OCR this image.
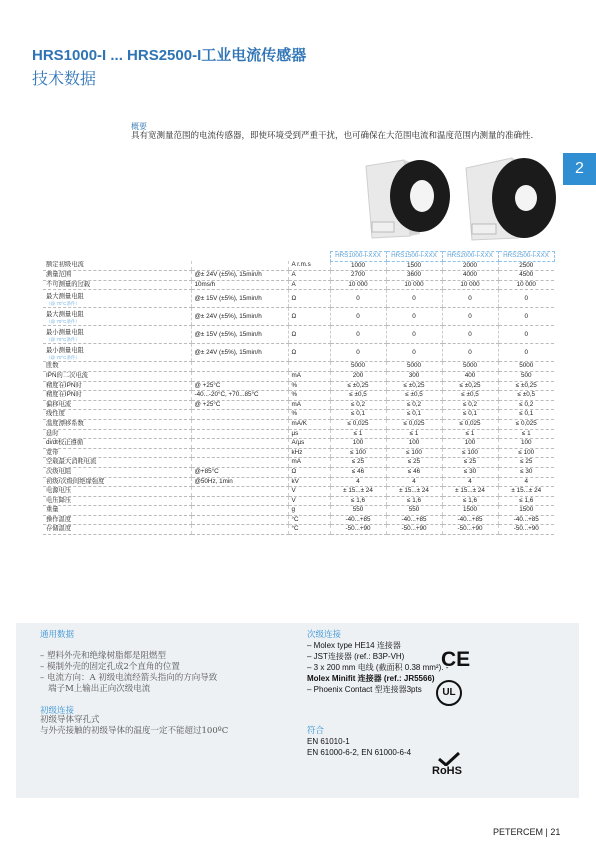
HRS1000-I ... HRS2500-I工业电流传感器
技术数据
概要
具有宽测量范围的电流传感器，即使环境受到严重干扰，也可确保在大范围电流和温度范围内测量的准确性.
2
			HRS1000-I-XXX	HRS1500-I-XXX	HRS2000-I-XXX	HRS2500-I-XXX
额定初级电流		A r.m.s	1000	1500	2000	2500
测量范围	@± 24V (±5%), 15min/h	A	2700	3600	4000	4500
不可测量的过载	10ms/h	A	10 000	10 000	10 000	10 000
最大测量电阻
（@ 70°C条件）	@± 15V (±5%), 15min/h	Ω	0	0	0	0
最大测量电阻
（@ 70°C条件）	@± 24V (±5%), 15min/h	Ω	0	0	0	0
最小测量电阻
（@ 70°C条件）	@± 15V (±5%), 15min/h	Ω	0	0	0	0
最小测量电阻
（@ 70°C条件）	@± 24V (±5%), 15min/h	Ω	0	0	0	0
匝数			5000	5000	5000	5000
IPN的二次电流		mA	200	300	400	500
精度在IPN时	@ +25°C	%	≤ ±0,25	≤ ±0,25	≤ ±0,25	≤ ±0,25
精度在IPN时	-40...-20°C, +70...85°C	%	≤ ±0,5	≤ ±0,5	≤ ±0,5	≤ ±0,5
偏移电流	@ +25°C	mA	≤ 0,2	≤ 0,2	≤ 0,2	≤ 0,2
线性度		%	≤ 0,1	≤ 0,1	≤ 0,1	≤ 0,1
温度漂移系数		mA/K	≤ 0,025	≤ 0,025	≤ 0,025	≤ 0,025
延时		µs	≤ 1	≤ 1	≤ 1	≤ 1
di/dt校正遵循		A/µs	100	100	100	100
宽带		kHz	≤ 100	≤ 100	≤ 100	≤ 100
空载最大消耗电流		mA	≤ 25	≤ 25	≤ 25	≤ 25
次级电阻	@+85°C	Ω	≤ 46	≤ 46	≤ 30	≤ 30
初级/次级间绝缘强度	@50Hz, 1min	kV	4	4	4	4
电源电压		V	± 15...± 24	± 15...± 24	± 15...± 24	± 15...± 24
电压降压		V	≤ 1,6	≤ 1,6	≤ 1,6	≤ 1,6
重量		g	550	550	1500	1500
操作温度		°C	-40...+85	-40...+85	-40...+85	-40...+85
存储温度		°C	-50...+90	-50...+90	-50...+90	-50...+90
通用数据
– 塑料外壳和绝缘树脂都是阻燃型
– 模制外壳的固定孔成2个直角的位置
– 电流方向：A 初级电流经箭头指向的方向导致
端子M上输出正向次级电流
初级连接
初级导体穿孔式
与外壳接触的初级导体的温度一定不能超过100ºC
次级连接
– Molex type HE14 连接器
– JST连接器 (ref.: B3P-VH)
– 3 x 200 mm 电线 (截面积 0.38 mm²). -
Molex Minifit 连接器 (ref.: JR5566)
– Phoenix Contact 型连接器3pts
符合
EN 61010-1
EN 61000-6-2, EN 61000-6-4
CE
UL
RoHS
PETERCEM | 21
